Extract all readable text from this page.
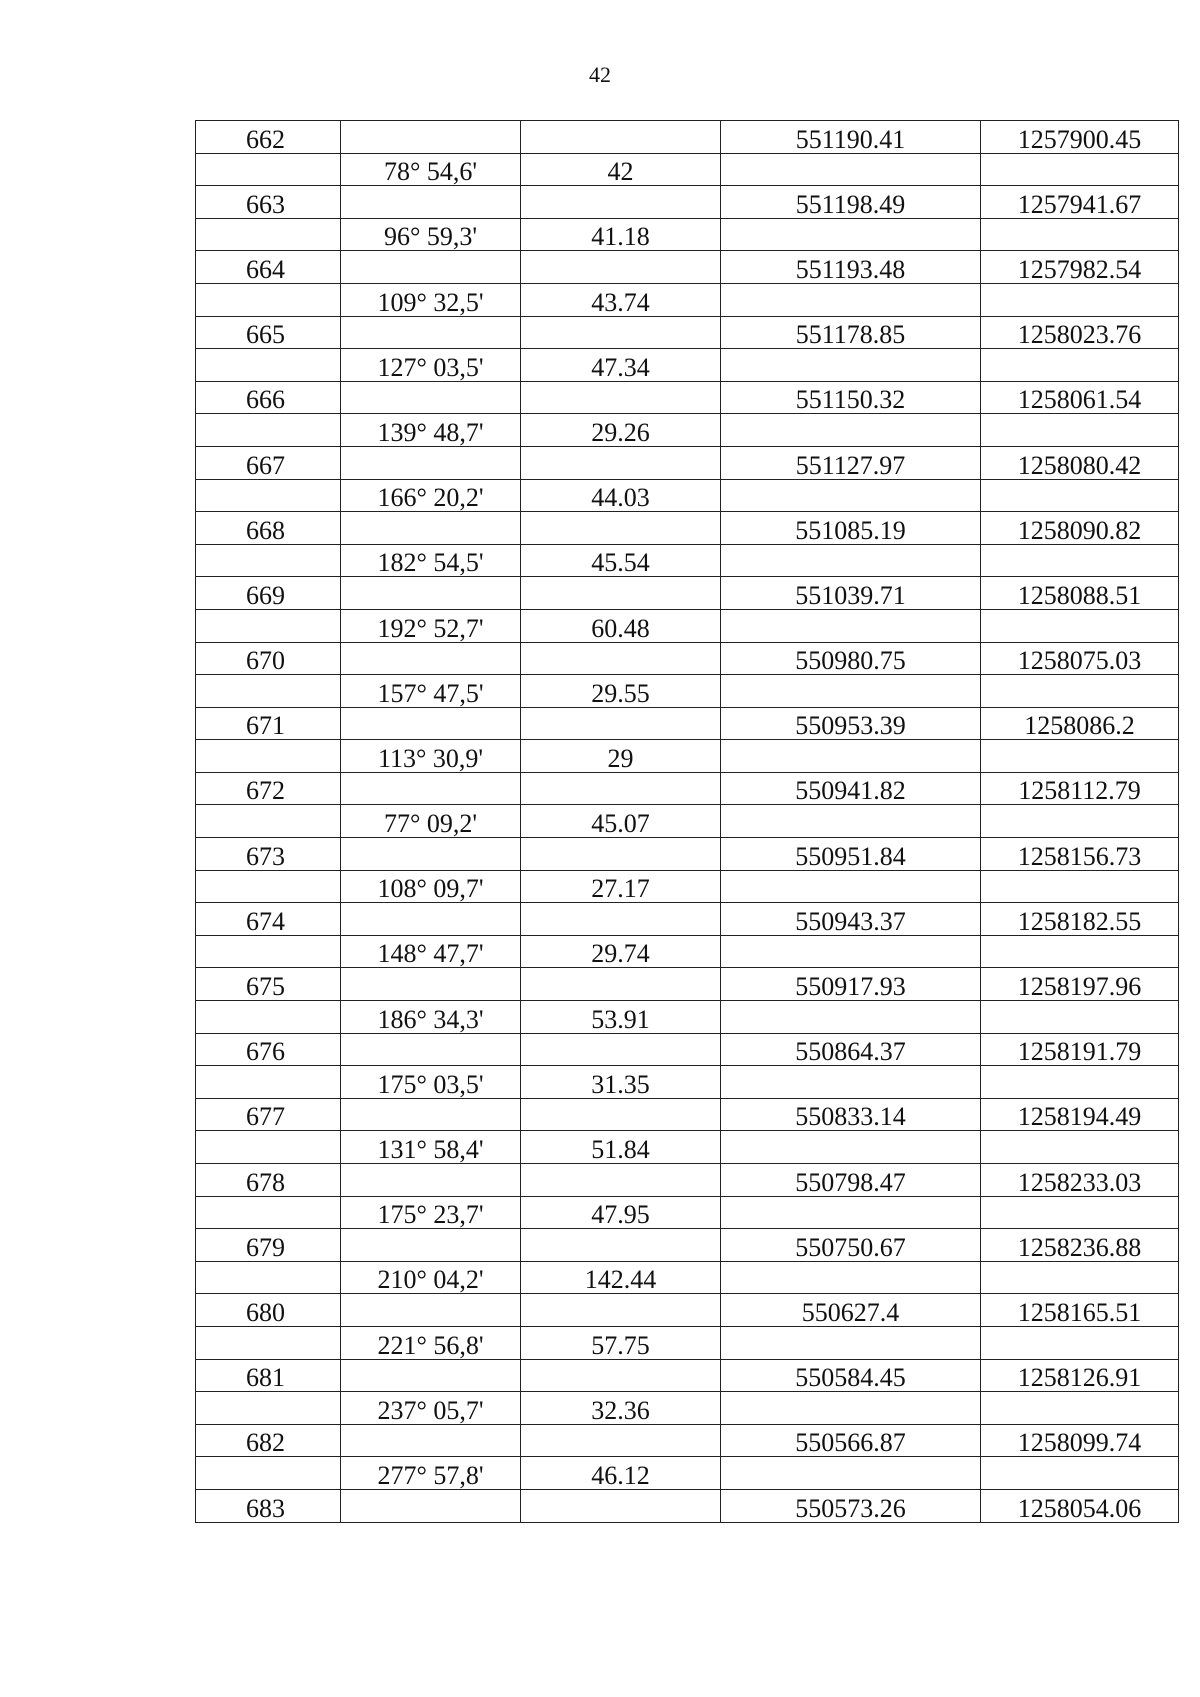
42
662			551190.41	1257900.45
	78° 54,6'	42		
663			551198.49	1257941.67
	96° 59,3'	41.18		
664			551193.48	1257982.54
	109° 32,5'	43.74		
665			551178.85	1258023.76
	127° 03,5'	47.34		
666			551150.32	1258061.54
	139° 48,7'	29.26		
667			551127.97	1258080.42
	166° 20,2'	44.03		
668			551085.19	1258090.82
	182° 54,5'	45.54		
669			551039.71	1258088.51
	192° 52,7'	60.48		
670			550980.75	1258075.03
	157° 47,5'	29.55		
671			550953.39	1258086.2
	113° 30,9'	29		
672			550941.82	1258112.79
	77° 09,2'	45.07		
673			550951.84	1258156.73
	108° 09,7'	27.17		
674			550943.37	1258182.55
	148° 47,7'	29.74		
675			550917.93	1258197.96
	186° 34,3'	53.91		
676			550864.37	1258191.79
	175° 03,5'	31.35		
677			550833.14	1258194.49
	131° 58,4'	51.84		
678			550798.47	1258233.03
	175° 23,7'	47.95		
679			550750.67	1258236.88
	210° 04,2'	142.44		
680			550627.4	1258165.51
	221° 56,8'	57.75		
681			550584.45	1258126.91
	237° 05,7'	32.36		
682			550566.87	1258099.74
	277° 57,8'	46.12		
683			550573.26	1258054.06
